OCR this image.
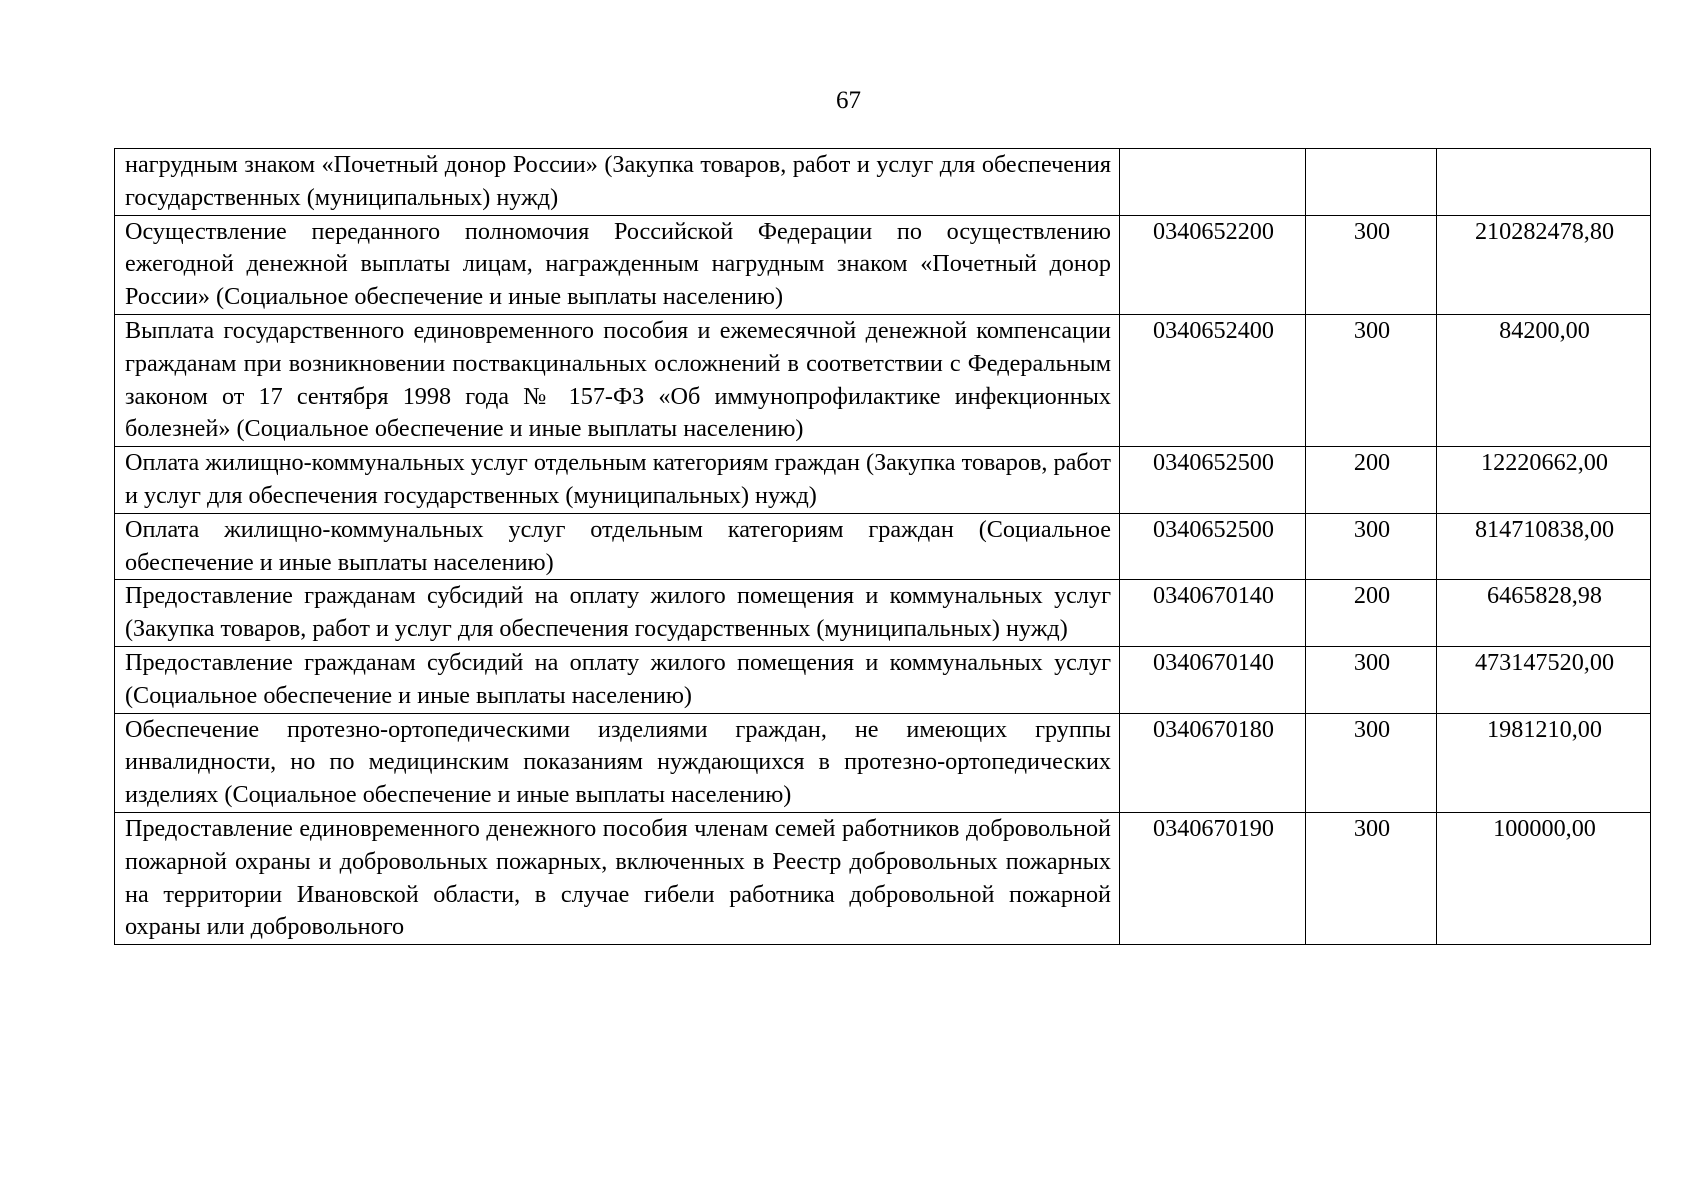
67
нагрудным знаком «Почетный донор России» (Закупка товаров, работ и услуг для обеспечения государственных (муниципальных) нужд)			
Осуществление переданного полномочия Российской Федерации по осуществлению ежегодной денежной выплаты лицам, награжденным нагрудным знаком «Почетный донор России» (Социальное обеспечение и иные выплаты населению)	0340652200	300	210282478,80
Выплата государственного единовременного пособия и ежемесячной денежной компенсации гражданам при возникновении поствакцинальных осложнений в соответствии с Федеральным законом от 17 сентября 1998 года № 157-ФЗ «Об иммунопрофилактике инфекционных болезней» (Социальное обеспечение и иные выплаты населению)	0340652400	300	84200,00
Оплата жилищно-коммунальных услуг отдельным категориям граждан (Закупка товаров, работ и услуг для обеспечения государственных (муниципальных) нужд)	0340652500	200	12220662,00
Оплата жилищно-коммунальных услуг отдельным категориям граждан (Социальное обеспечение и иные выплаты населению)	0340652500	300	814710838,00
Предоставление гражданам субсидий на оплату жилого помещения и коммунальных услуг (Закупка товаров, работ и услуг для обеспечения государственных (муниципальных) нужд)	0340670140	200	6465828,98
Предоставление гражданам субсидий на оплату жилого помещения и коммунальных услуг (Социальное обеспечение и иные выплаты населению)	0340670140	300	473147520,00
Обеспечение протезно-ортопедическими изделиями граждан, не имеющих группы инвалидности, но по медицинским показаниям нуждающихся в протезно-ортопедических изделиях (Социальное обеспечение и иные выплаты населению)	0340670180	300	1981210,00
Предоставление единовременного денежного пособия членам семей работников добровольной пожарной охраны и добровольных пожарных, включенных в Реестр добровольных пожарных на территории Ивановской области, в случае гибели работника добровольной пожарной охраны или добровольного	0340670190	300	100000,00
